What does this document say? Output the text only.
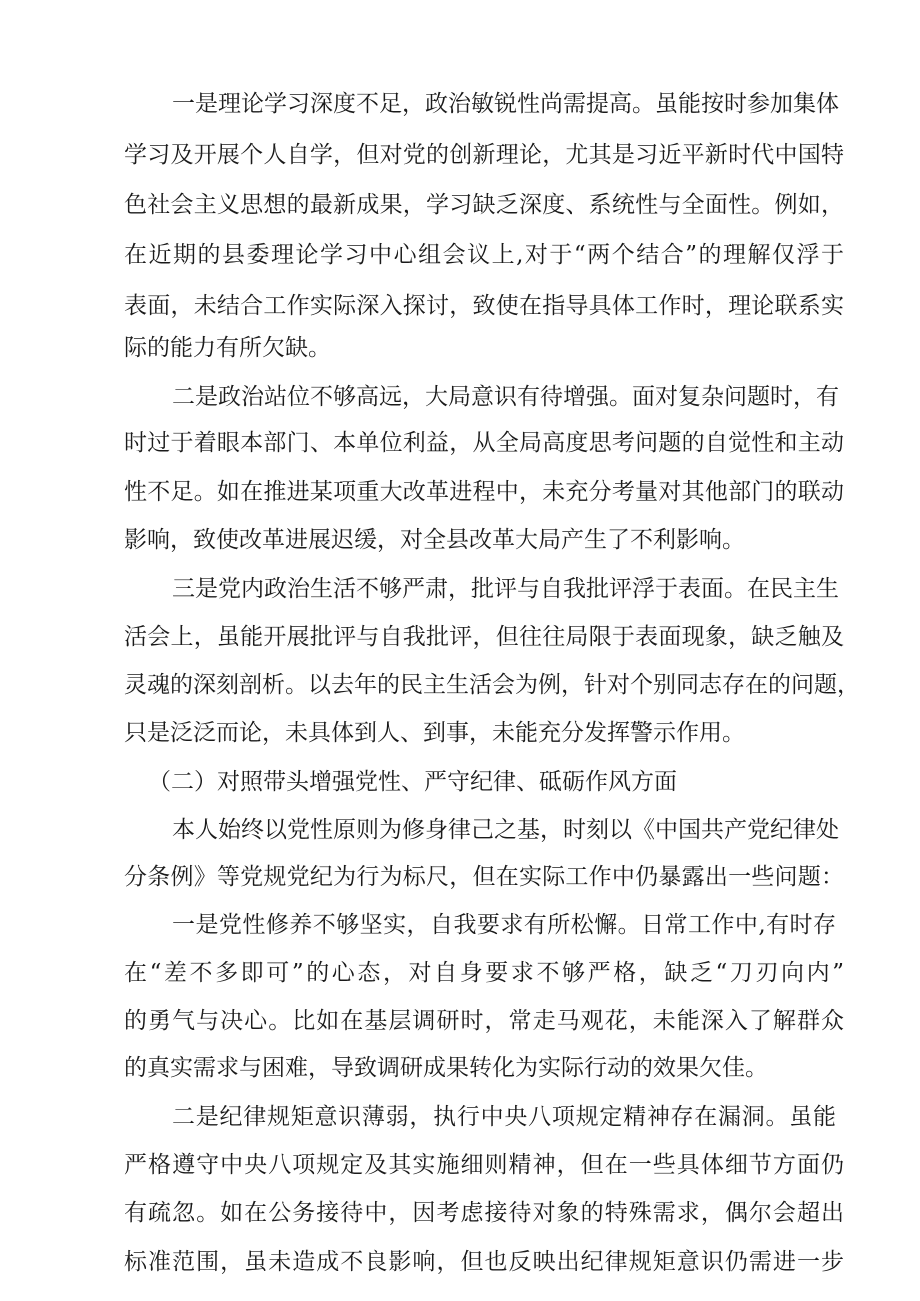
一是理论学习深度不足，政治敏锐性尚需提高。虽能按时参加集体
学习及开展个人自学，但对党的创新理论，尤其是习近平新时代中国特
色社会主义思想的最新成果，学习缺乏深度、系统性与全面性。例如，
在近期的县委理论学习中心组会议上,对于“两个结合”的理解仅浮于
表面，未结合工作实际深入探讨，致使在指导具体工作时，理论联系实
际的能力有所欠缺。
二是政治站位不够高远，大局意识有待增强。面对复杂问题时，有
时过于着眼本部门、本单位利益，从全局高度思考问题的自觉性和主动
性不足。如在推进某项重大改革进程中，未充分考量对其他部门的联动
影响，致使改革进展迟缓，对全县改革大局产生了不利影响。
三是党内政治生活不够严肃，批评与自我批评浮于表面。在民主生
活会上，虽能开展批评与自我批评，但往往局限于表面现象，缺乏触及
灵魂的深刻剖析。以去年的民主生活会为例，针对个别同志存在的问题，
只是泛泛而论，未具体到人、到事，未能充分发挥警示作用。
（二）对照带头增强党性、严守纪律、砥砺作风方面
本人始终以党性原则为修身律己之基，时刻以《中国共产党纪律处
分条例》等党规党纪为行为标尺，但在实际工作中仍暴露出一些问题：
一是党性修养不够坚实，自我要求有所松懈。日常工作中,有时存
在“差不多即可”的心态，对自身要求不够严格，缺乏“刀刃向内”
的勇气与决心。比如在基层调研时，常走马观花，未能深入了解群众
的真实需求与困难，导致调研成果转化为实际行动的效果欠佳。
二是纪律规矩意识薄弱，执行中央八项规定精神存在漏洞。虽能
严格遵守中央八项规定及其实施细则精神，但在一些具体细节方面仍
有疏忽。如在公务接待中，因考虑接待对象的特殊需求，偶尔会超出
标准范围，虽未造成不良影响，但也反映出纪律规矩意识仍需进一步
